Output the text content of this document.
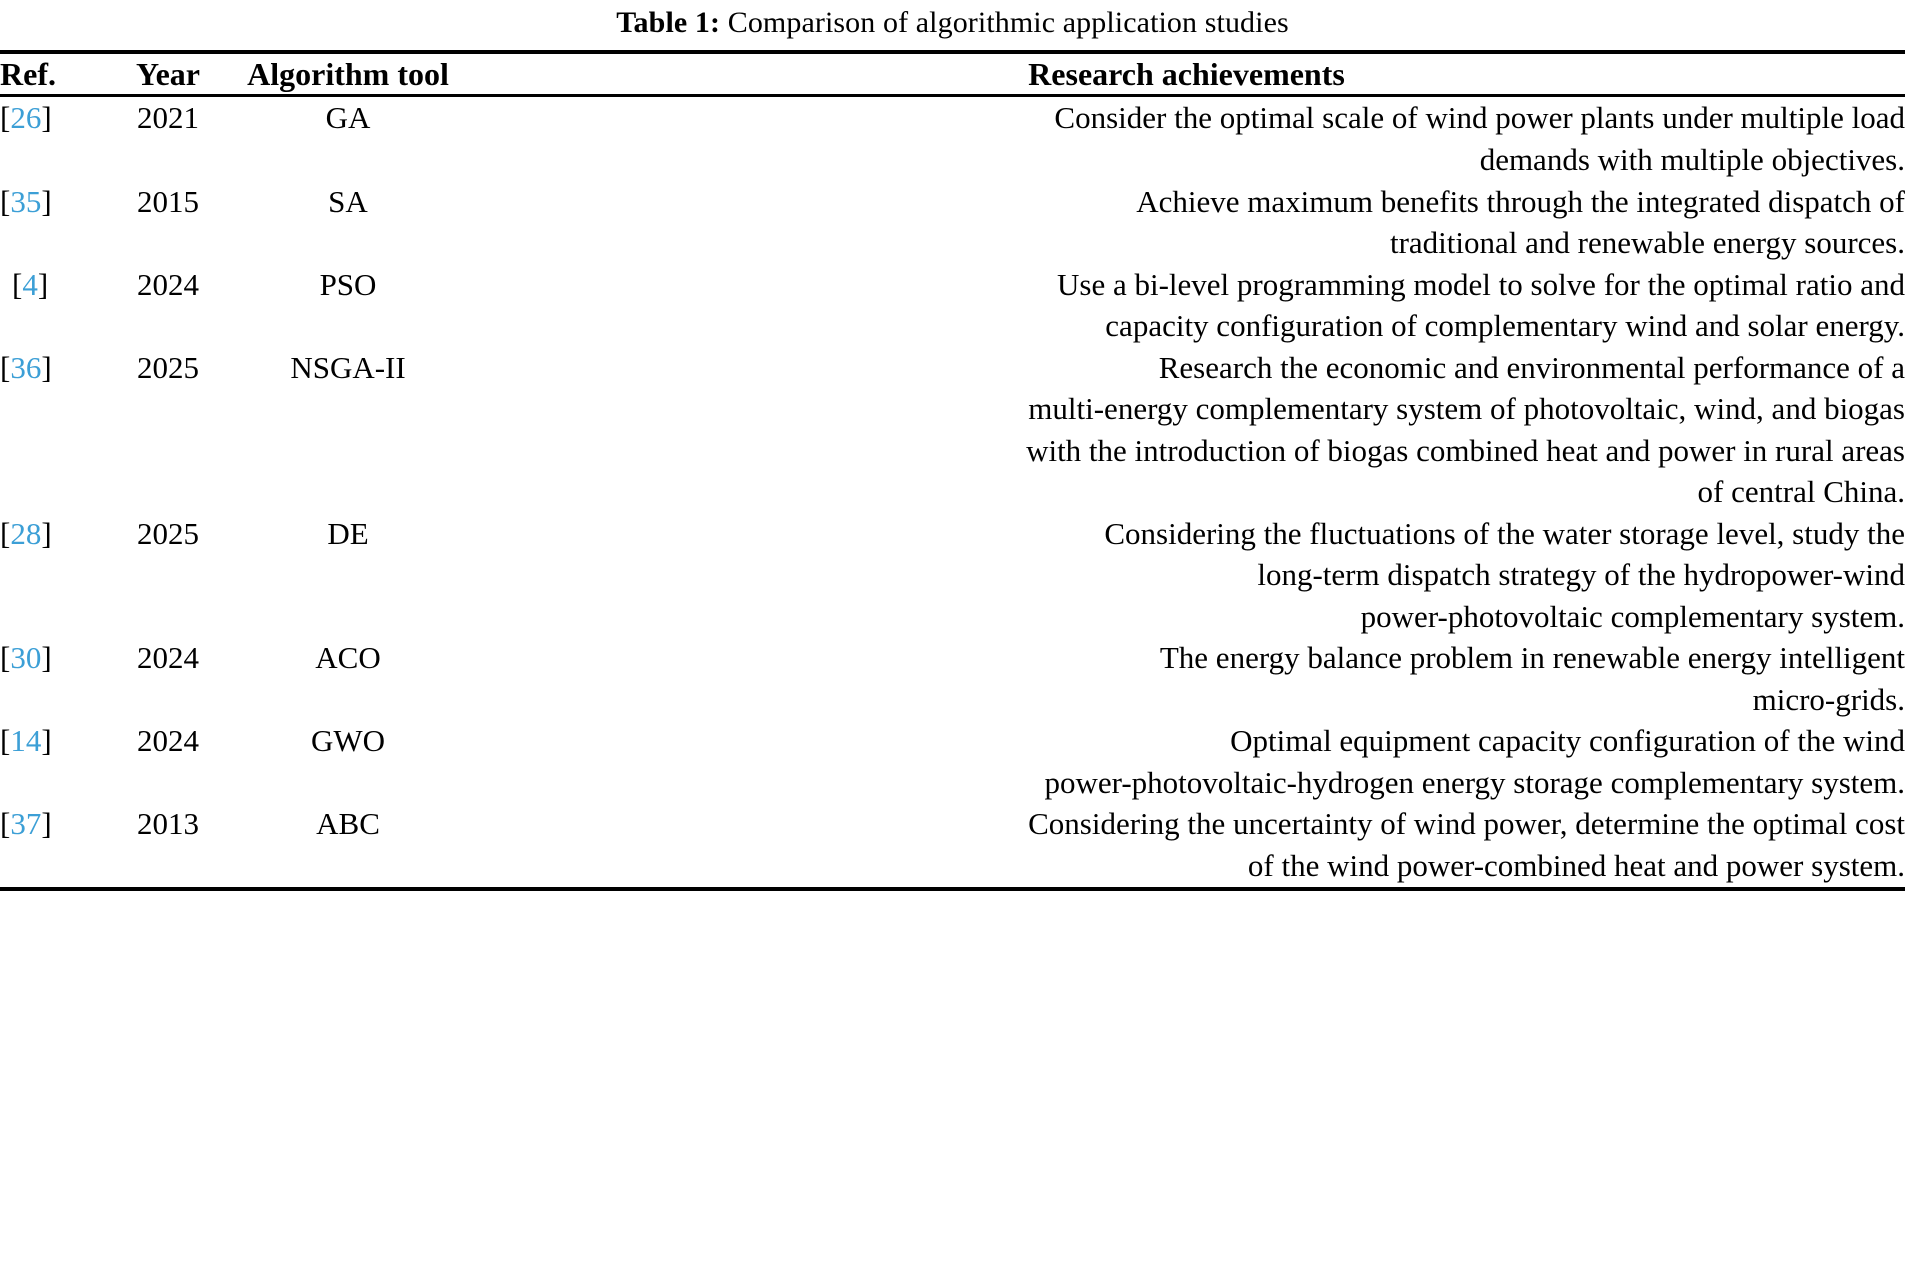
Table 1: Comparison of algorithmic application studies
Ref.	Year	Algorithm tool	Research achievements
[26]	2021	GA	Consider the optimal scale of wind power plants under multiple load
demands with multiple objectives.

[35]	2015	SA	Achieve maximum benefits through the integrated dispatch of
traditional and renewable energy sources.

[4]	2024	PSO	Use a bi-level programming model to solve for the optimal ratio and
capacity configuration of complementary wind and solar energy.

[36]	2025	NSGA-II	Research the economic and environmental performance of a
multi-energy complementary system of photovoltaic, wind, and biogas
with the introduction of biogas combined heat and power in rural areas
of central China.

[28]	2025	DE	Considering the fluctuations of the water storage level, study the
long-term dispatch strategy of the hydropower-wind
power-photovoltaic complementary system.

[30]	2024	ACO	The energy balance problem in renewable energy intelligent
micro-grids.

[14]	2024	GWO	Optimal equipment capacity configuration of the wind
power-photovoltaic-hydrogen energy storage complementary system.

[37]	2013	ABC	Considering the uncertainty of wind power, determine the optimal cost
of the wind power-combined heat and power system.
